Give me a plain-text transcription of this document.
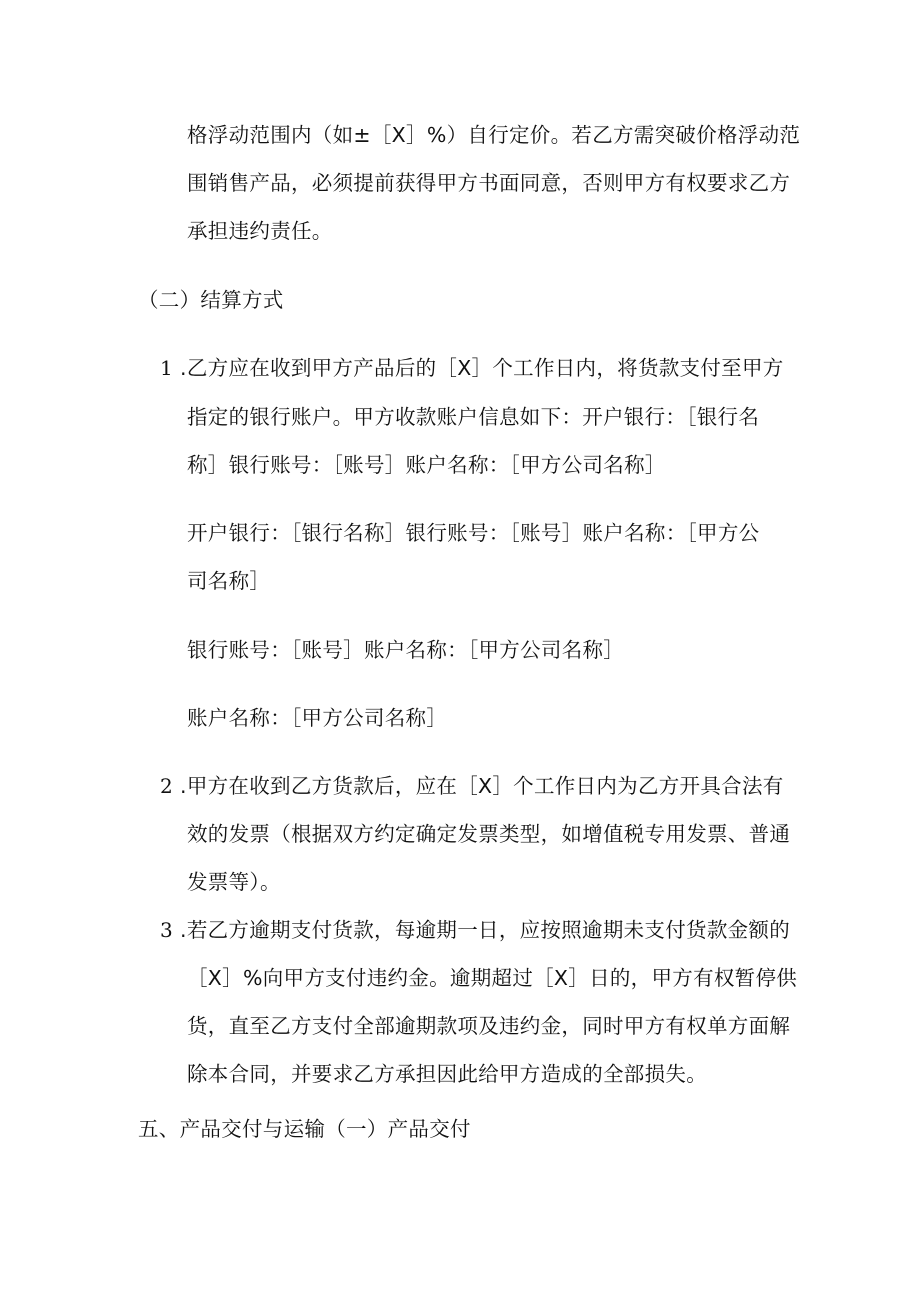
格浮动范围内（如±［X］%）自行定价。若乙方需突破价格浮动范
围销售产品，必须提前获得甲方书面同意，否则甲方有权要求乙方
承担违约责任。
（二）结算方式
1 .乙方应在收到甲方产品后的［X］个工作日内，将货款支付至甲方
指定的银行账户。甲方收款账户信息如下：开户银行：［银行名
称］银行账号：［账号］账户名称：［甲方公司名称］
开户银行：［银行名称］银行账号：［账号］账户名称：［甲方公
司名称］
银行账号：［账号］账户名称：［甲方公司名称］
账户名称：［甲方公司名称］
2 .甲方在收到乙方货款后，应在［X］个工作日内为乙方开具合法有
效的发票（根据双方约定确定发票类型，如增值税专用发票、普通
发票等）。
3 .若乙方逾期支付货款，每逾期一日，应按照逾期未支付货款金额的
［X］%向甲方支付违约金。逾期超过［X］日的，甲方有权暂停供
货，直至乙方支付全部逾期款项及违约金，同时甲方有权单方面解
除本合同，并要求乙方承担因此给甲方造成的全部损失。
五、产品交付与运输（一）产品交付
